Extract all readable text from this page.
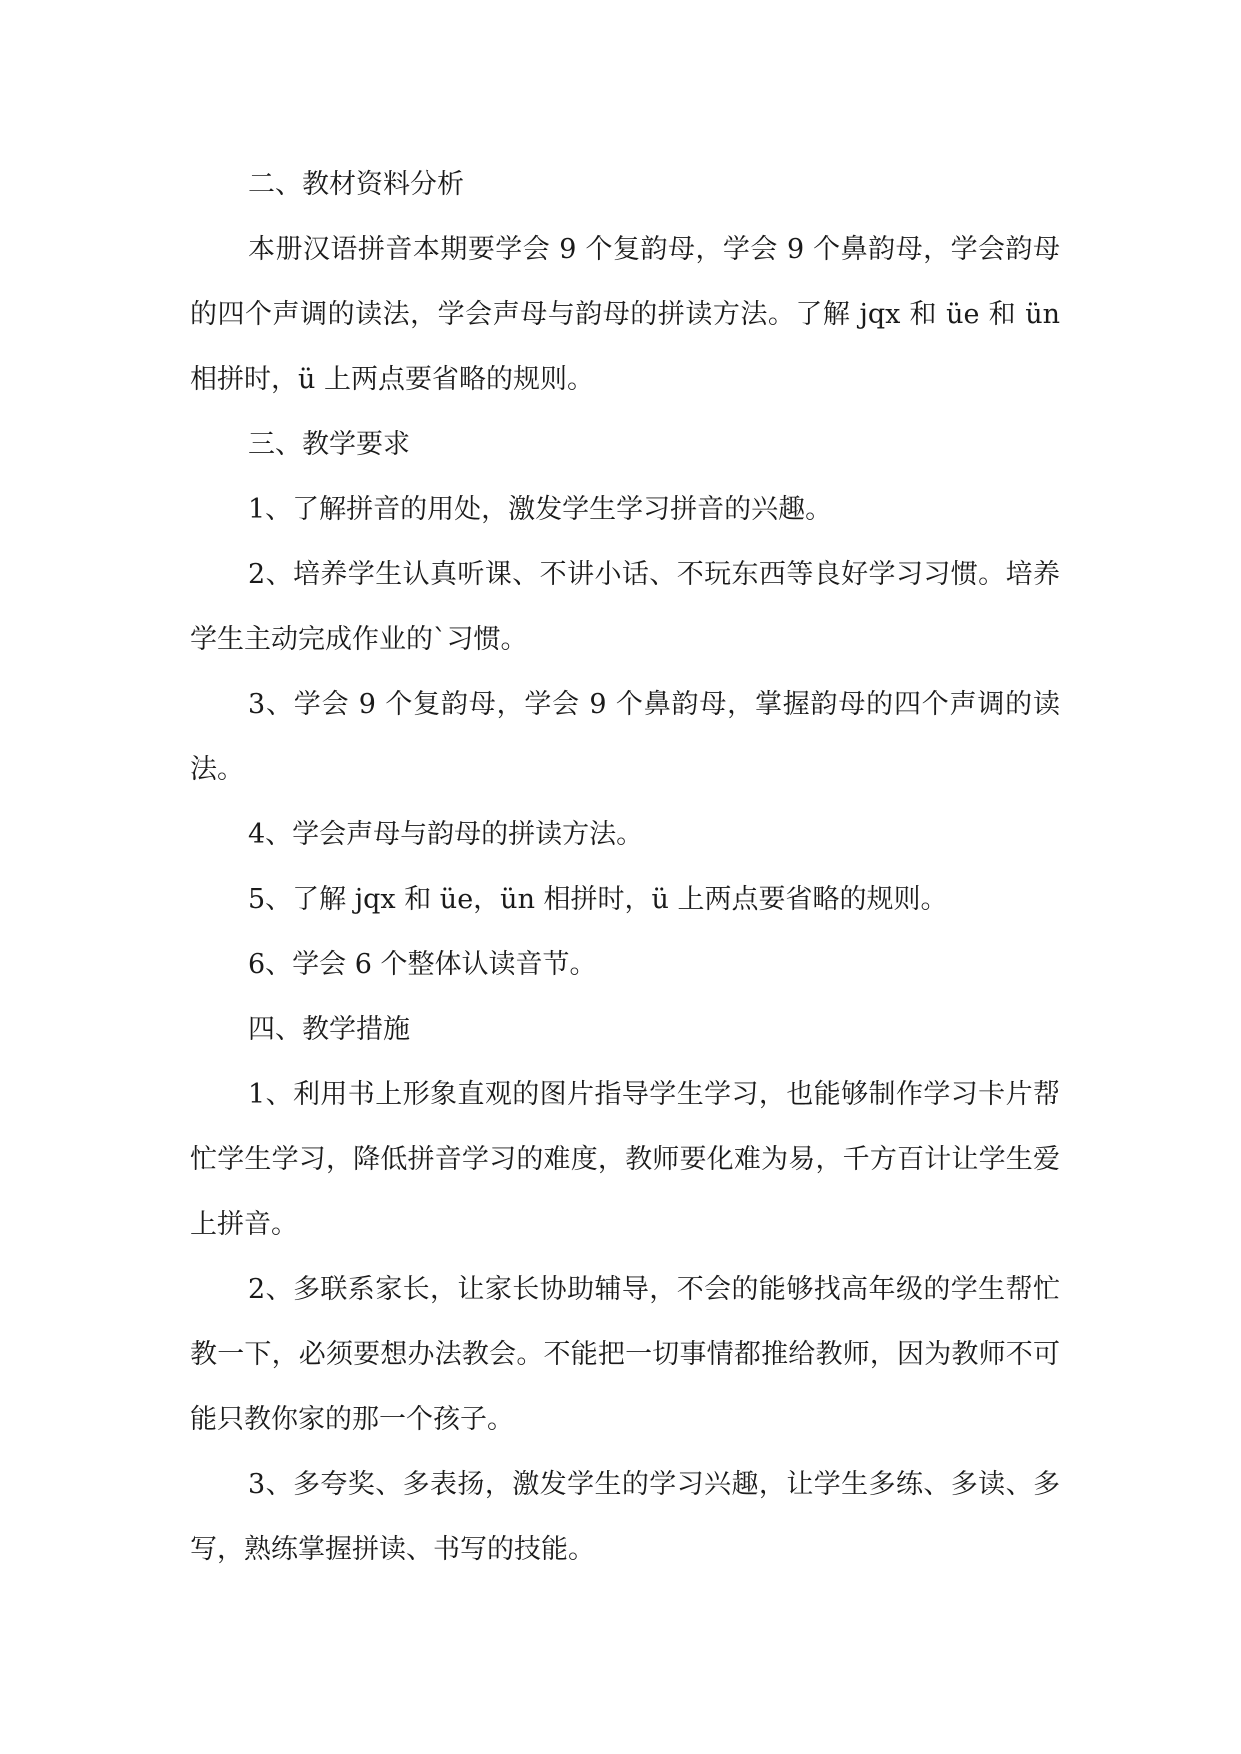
二、教材资料分析

本册汉语拼音本期要学会 9 个复韵母，学会 9 个鼻韵母，学会韵母的四个声调的读法，学会声母与韵母的拼读方法。了解 jqx 和 üe 和 ün 相拼时，ü 上两点要省略的规则。

三、教学要求

1、了解拼音的用处，激发学生学习拼音的兴趣。

2、培养学生认真听课、不讲小话、不玩东西等良好学习习惯。培养学生主动完成作业的`习惯。

3、学会 9 个复韵母，学会 9 个鼻韵母，掌握韵母的四个声调的读法。

4、学会声母与韵母的拼读方法。

5、了解 jqx 和 üe，ün 相拼时，ü 上两点要省略的规则。

6、学会 6 个整体认读音节。

四、教学措施

1、利用书上形象直观的图片指导学生学习，也能够制作学习卡片帮忙学生学习，降低拼音学习的难度，教师要化难为易，千方百计让学生爱上拼音。

2、多联系家长，让家长协助辅导，不会的能够找高年级的学生帮忙教一下，必须要想办法教会。不能把一切事情都推给教师，因为教师不可能只教你家的那一个孩子。

3、多夸奖、多表扬，激发学生的学习兴趣，让学生多练、多读、多写，熟练掌握拼读、书写的技能。
